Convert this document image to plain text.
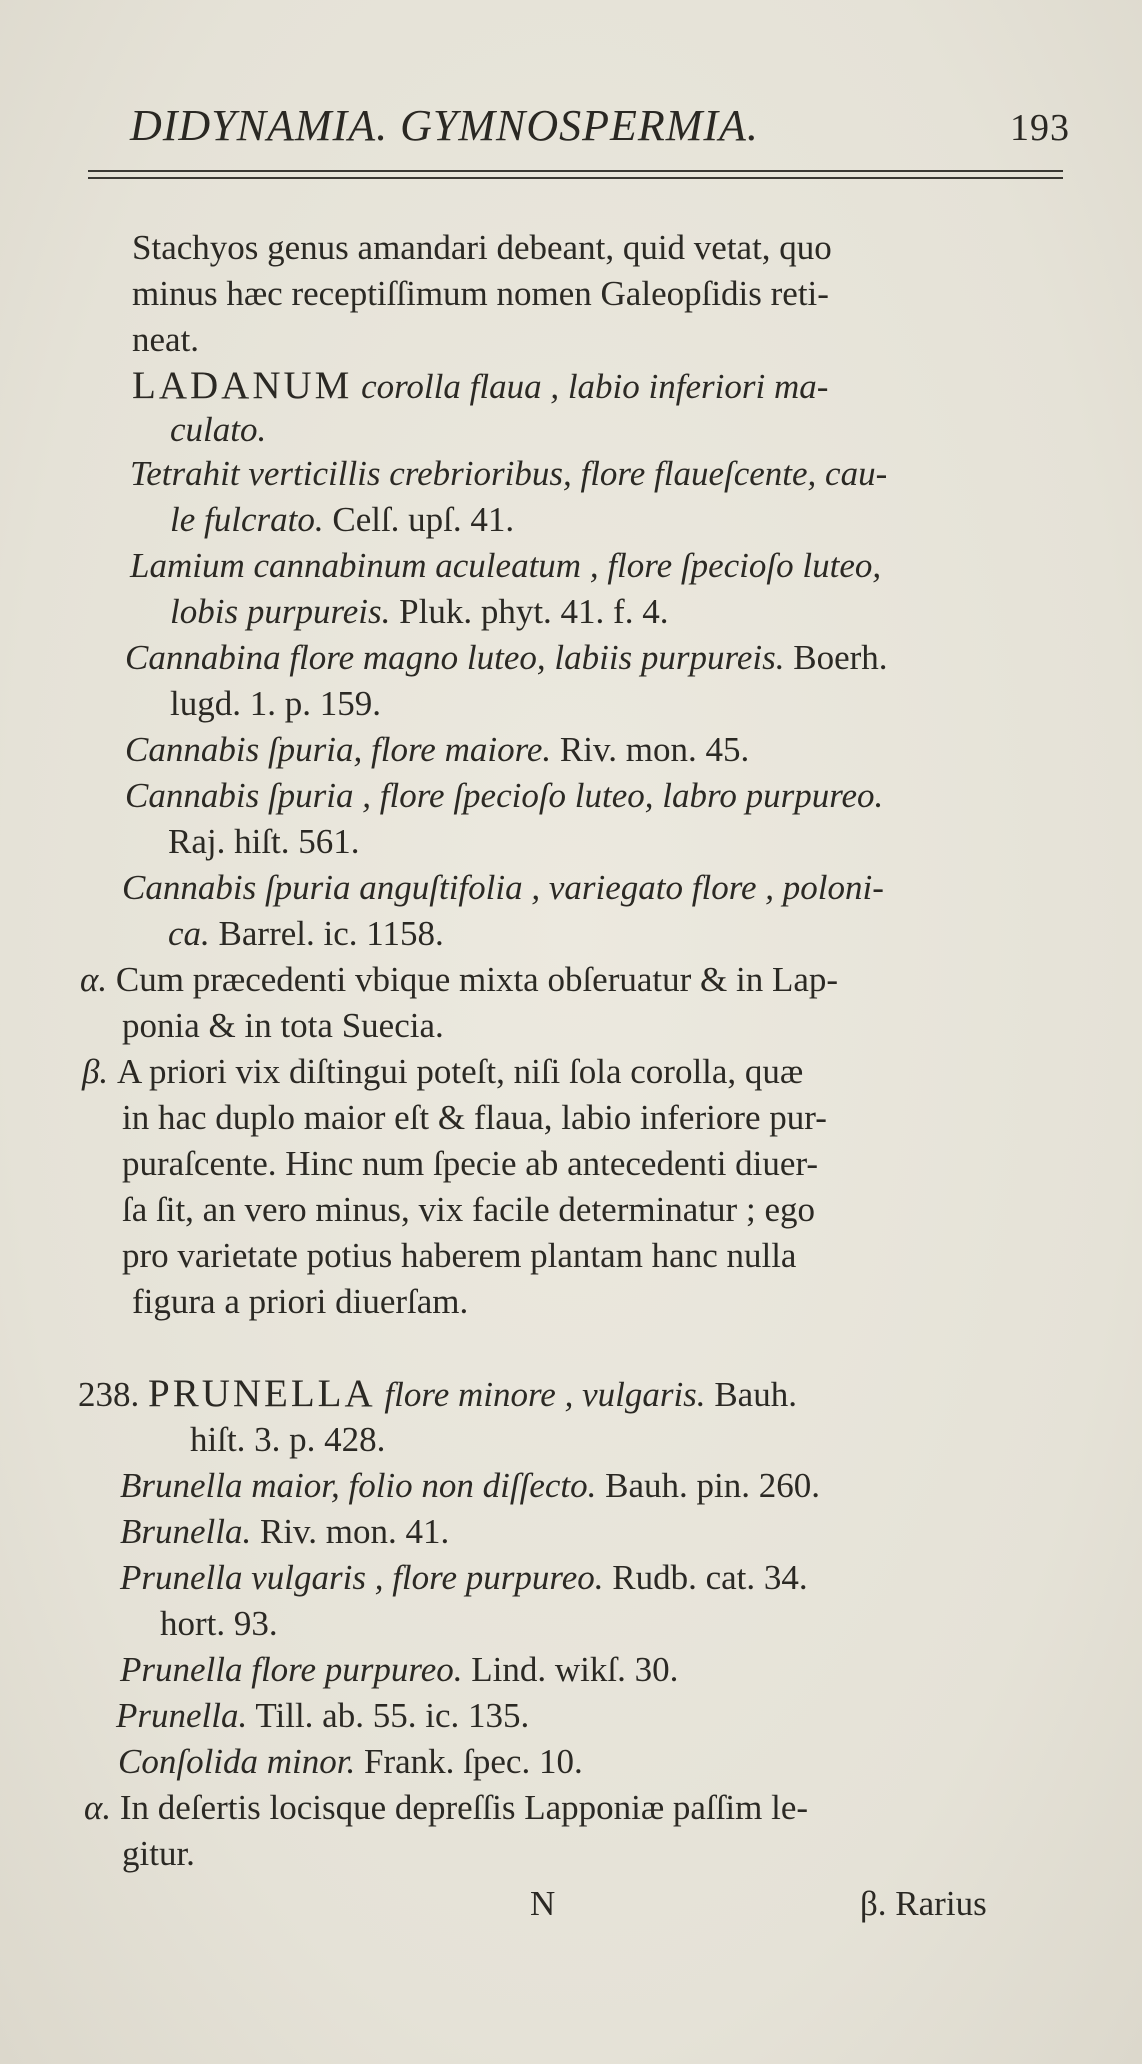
DIDYNAMIA. GYMNOSPERMIA.	193
Stachyos genus amandari debeant, quid vetat, quo
minus hæc receptiſſimum nomen Galeopſidis reti-
neat.
LADANUM corolla flaua , labio inferiori ma-
culato.
Tetrahit verticillis crebrioribus, flore flaueſcente, cau-
le fulcrato. Celſ. upſ. 41.
Lamium cannabinum aculeatum , flore ſpecioſo luteo,
lobis purpureis. Pluk. phyt. 41. f. 4.
Cannabina flore magno luteo, labiis purpureis. Boerh.
lugd. 1. p. 159.
Cannabis ſpuria, flore maiore. Riv. mon. 45.
Cannabis ſpuria , flore ſpecioſo luteo, labro purpureo.
Raj. hiſt. 561.
Cannabis ſpuria anguſtifolia , variegato flore , poloni-
ca. Barrel. ic. 1158.
α. Cum præcedenti vbique mixta obſeruatur & in Lap-
ponia & in tota Suecia.
β. A priori vix diſtingui poteſt, niſi ſola corolla, quæ
in hac duplo maior eſt & flaua, labio inferiore pur-
puraſcente. Hinc num ſpecie ab antecedenti diuer-
ſa ſit, an vero minus, vix facile determinatur ; ego
pro varietate potius haberem plantam hanc nulla
figura a priori diuerſam.
238. PRUNELLA flore minore , vulgaris. Bauh.
hiſt. 3. p. 428.
Brunella maior, folio non diſſecto. Bauh. pin. 260.
Brunella. Riv. mon. 41.
Prunella vulgaris , flore purpureo. Rudb. cat. 34.
hort. 93.
Prunella flore purpureo. Lind. wikſ. 30.
Prunella. Till. ab. 55. ic. 135.
Conſolida minor. Frank. ſpec. 10.
α. In deſertis locisque depreſſis Lapponiæ paſſim le-
gitur.
N	β. Rarius
